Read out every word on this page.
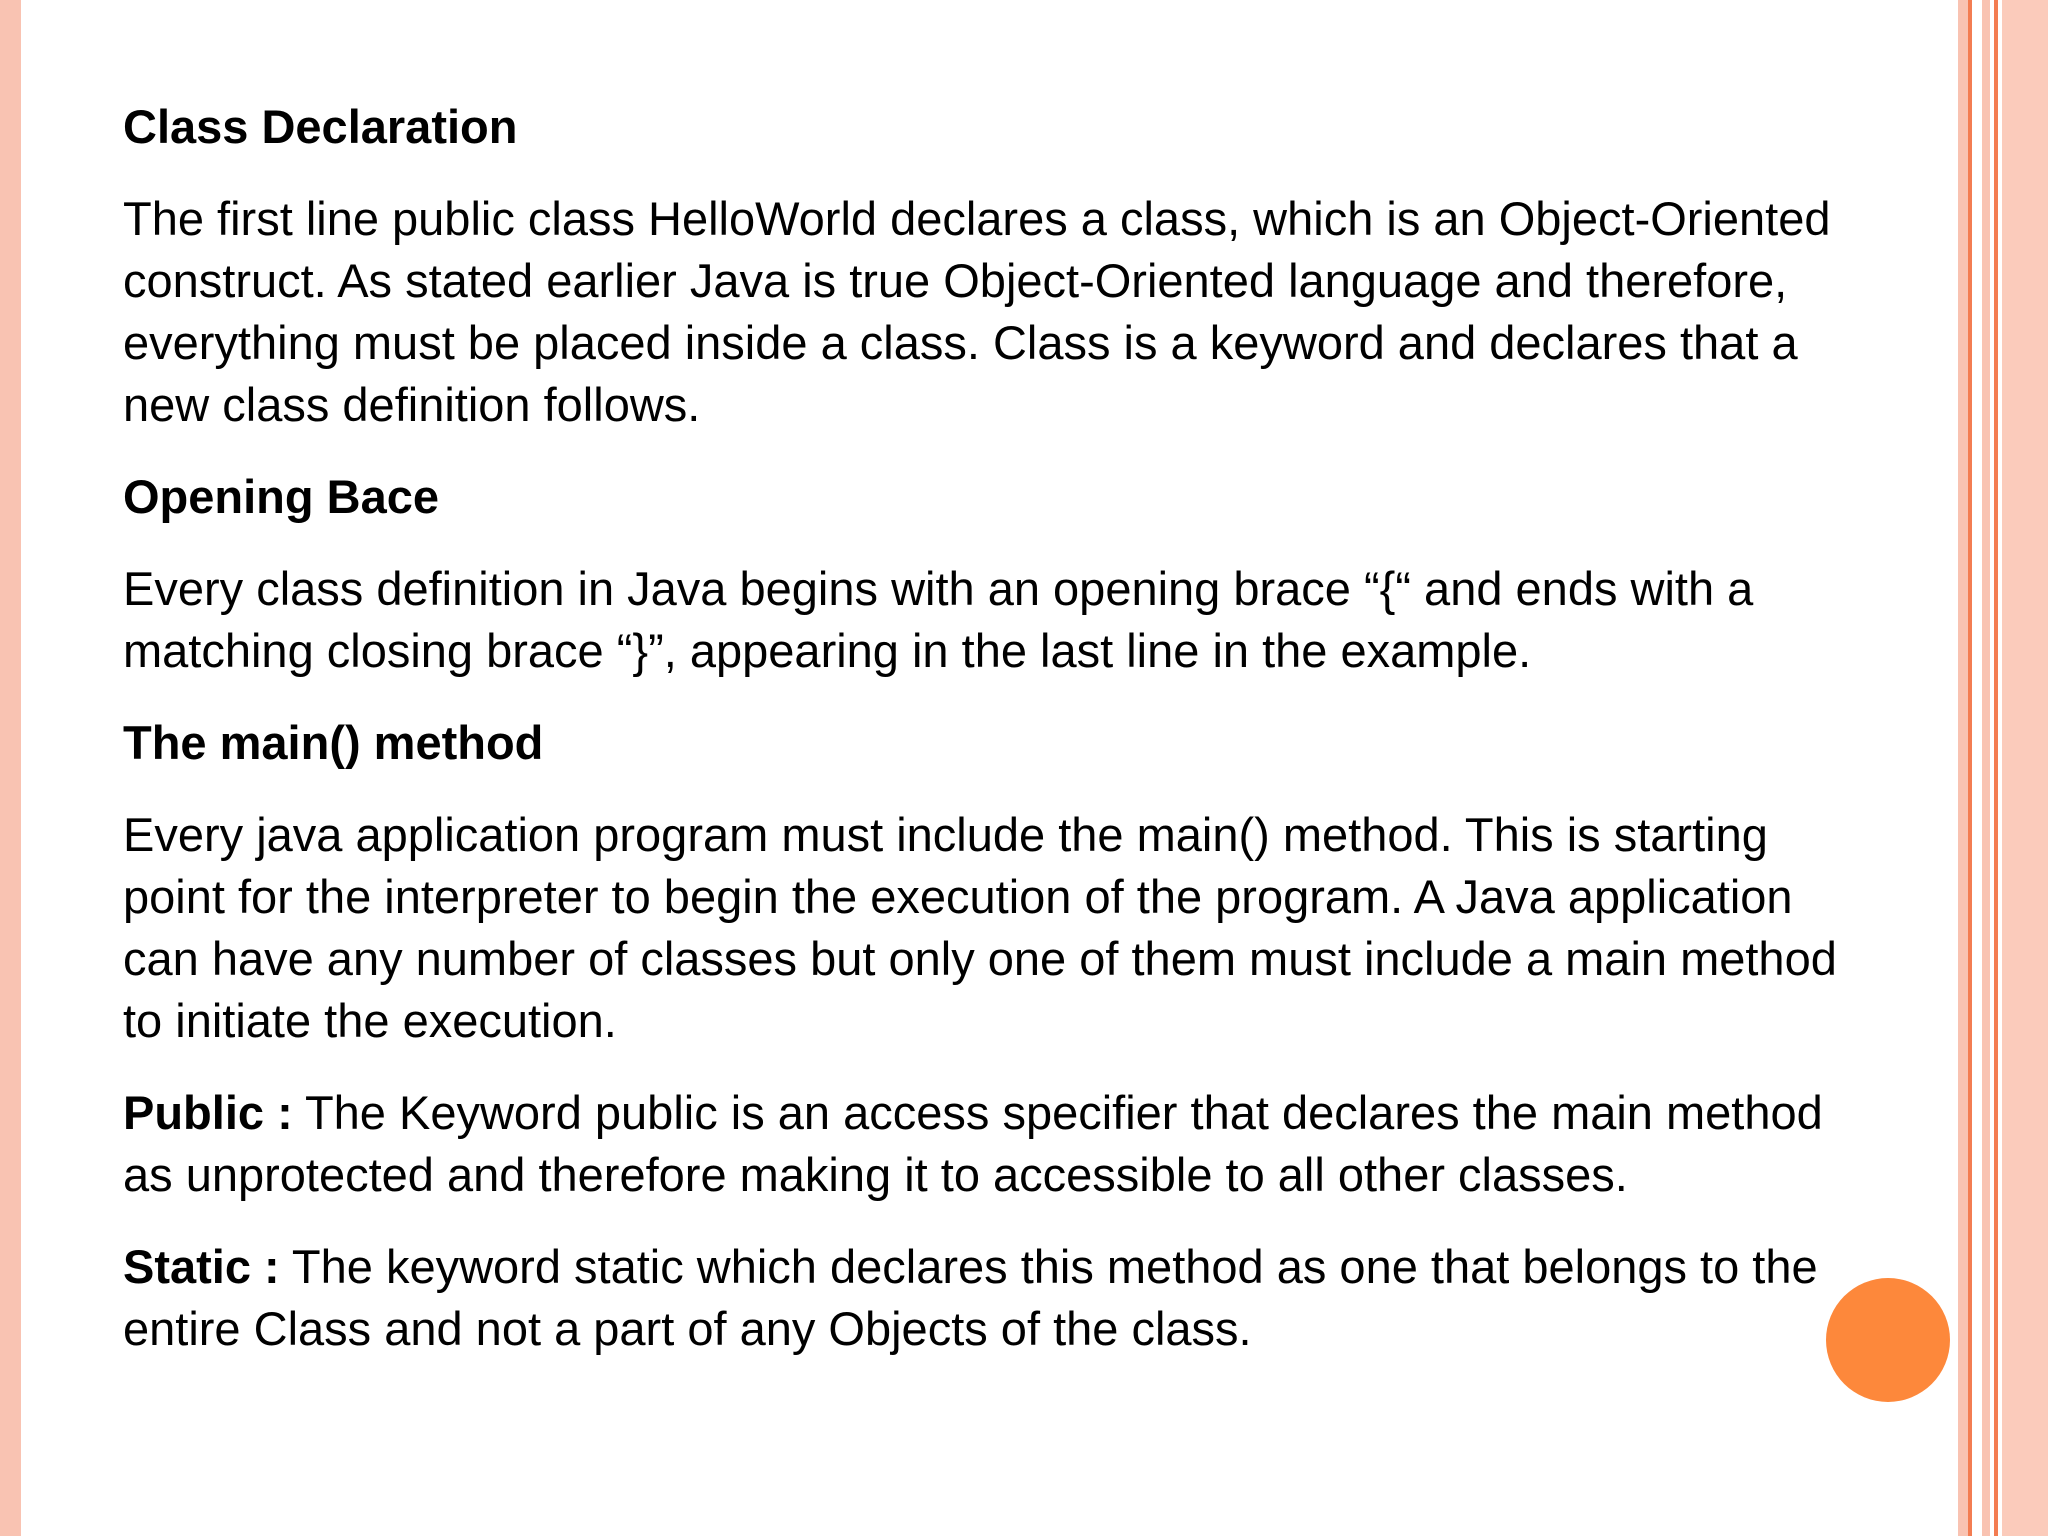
Class Declaration
The first line public class HelloWorld declares a class, which is an Object-Oriented
construct. As stated earlier Java is true Object-Oriented language and therefore,
everything must be placed inside a class. Class is a keyword and declares that a
new class definition follows.
Opening Bace
Every class definition in Java begins with an opening brace “{“ and ends with a
matching closing brace “}”, appearing in the last line in the example.
The main() method
Every java application program must include the main() method. This is starting
point for the interpreter to begin the execution of the program. A Java application
can have any number of classes but only one of them must include a main method
to initiate the execution.
Public : The Keyword public is an access specifier that declares the main method
as unprotected and therefore making it to accessible to all other classes.
Static : The keyword static which declares this method as one that belongs to the
entire Class and not a part of any Objects of the class.
